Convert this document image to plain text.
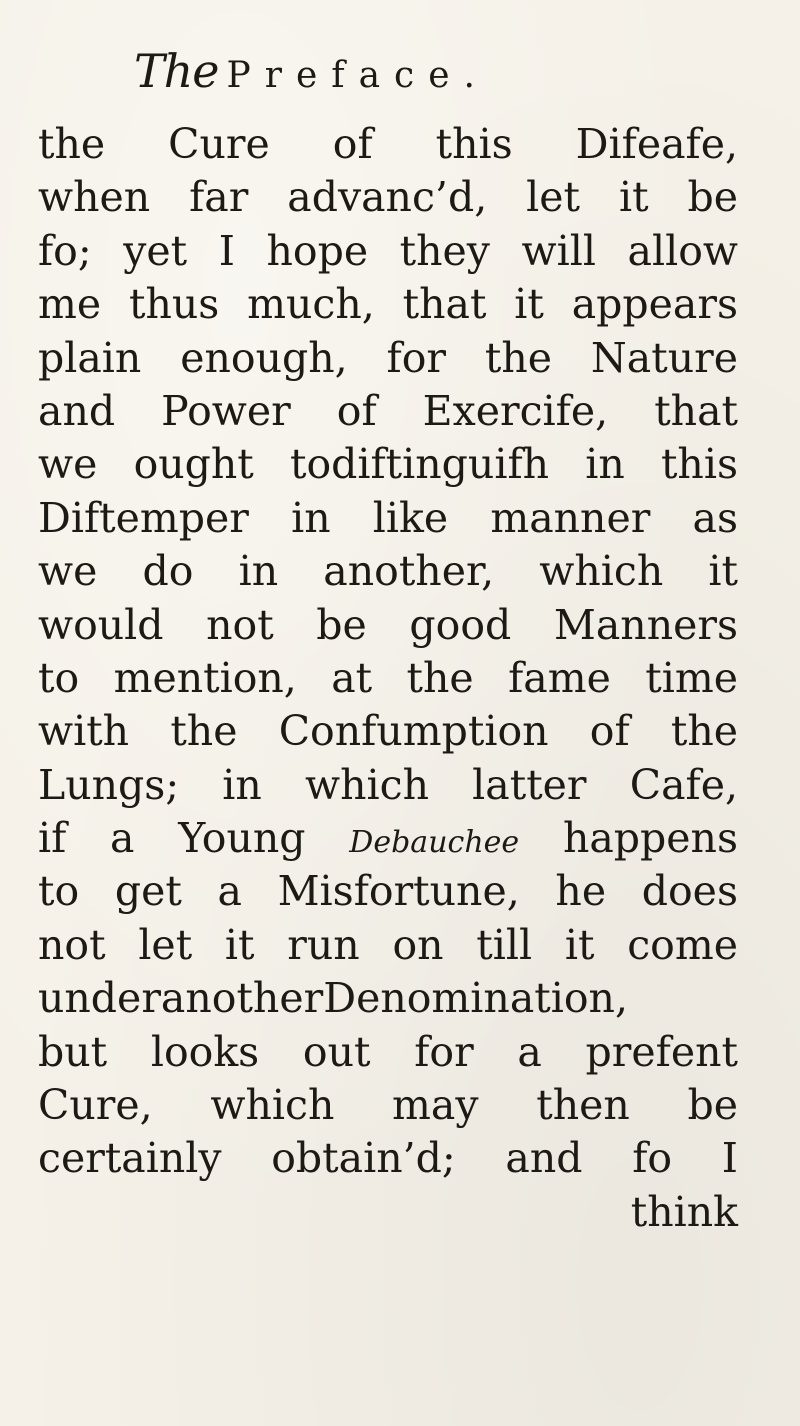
The Preface.
the Cure of this Difeafe,
when far advanc’d, let it be
fo; yet I hope they will allow
me thus much, that it appears
plain enough, for the Nature
and Power of Exercife, that
we ought todiftinguifh in this
Diftemper in like manner as
we do in another, which it
would not be good Manners
to mention, at the fame time
with the Confumption of the
Lungs; in which latter Cafe,
if a Young Debauchee happens
to get a Misfortune, he does
not let it run on till it come
underanotherDenomination,
but looks out for a prefent
Cure, which may then be
certainly obtain’d; and fo I
think
